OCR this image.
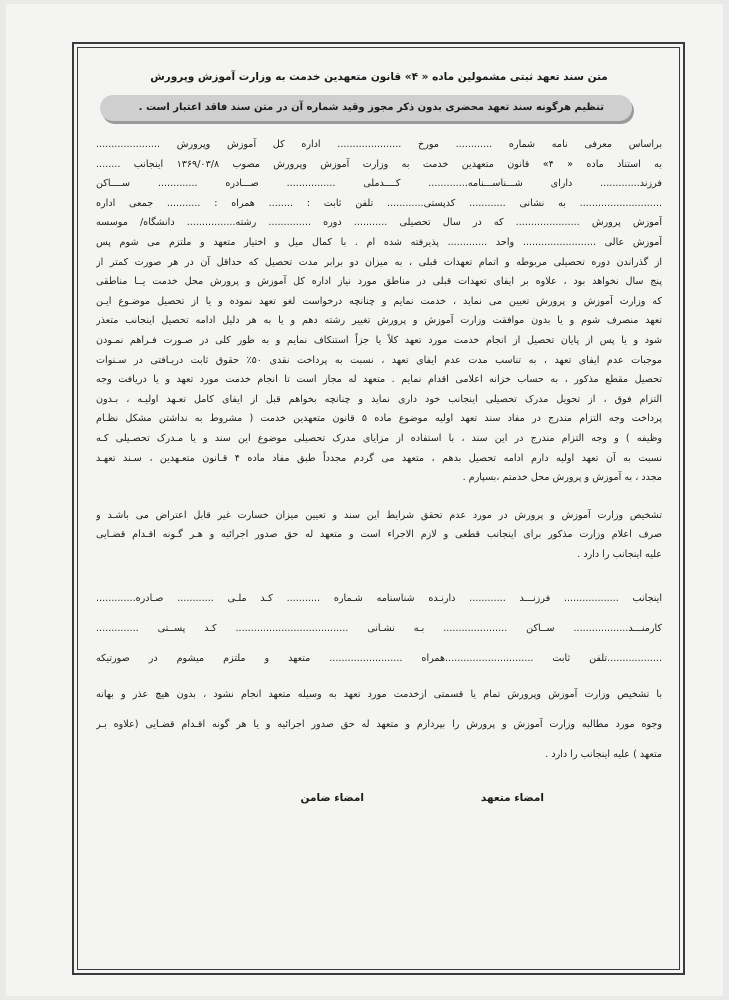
متن سند تعهد ثبتی مشمولین ماده « ۴» قانون متعهدین خدمت به وزارت آموزش وپرورش
تنظیم هرگونه سند تعهد محضری بدون ذکر مجوز وقید شماره آن در متن سند فاقد اعتبار است .
براساس معرفی نامه شماره ............ مورخ ..................... اداره کل آموزش وپرورش .....................
به استناد ماده « ۴» قانون متعهدین خدمت به وزارت آموزش وپرورش مصوب ۱۳۶۹/۰۳/۸ اینجانب ........
فرزند............. دارای شـــناســـنامه............. کــــدملی ................ صـــادره ............. ســــاکن
........................... به نشانی ............ کدپستی............ تلفن ثابت : ........ همراه : ........... جمعی اداره
آموزش پرورش ..................... که در سال تحصیلی ........... دوره .............. رشته................ دانشگاه/ موسسه
آموزش عالی ........................ واحد ............. پذیرفته شده ام . با کمال میل و اختیار متعهد و ملتزم می شوم پس
از گذراندن دوره تحصیلی مربوطه و اتمام تعهدات قبلی ، به میزان دو برابر مدت تحصیل که حداقل آن در هر صورت کمتر از
پنج سال نخواهد بود ، علاوه بر ایفای تعهدات قبلی در مناطق مورد نیاز اداره کل آموزش و پرورش محل خدمت یــا مناطقی
که وزارت آموزش و پرورش تعیین می نماید ، خدمت نمایم و چنانچه درخواست لغو تعهد نموده و یا از تحصیل موضـوع ایـن
تعهد منصرف شوم و یا بدون موافقت وزارت آموزش و پرورش تغییر رشته دهم و یا به هر دلیل ادامه تحصیل اینجانب متعذر
شود و یا پس از پایان تحصیل از انجام خدمت مورد تعهد کلاً یا جزاً استنکاف نمایم و به طور کلی در صـورت فـراهم نمـودن
موجبات عدم ایفای تعهد ، به تناسب مدت عدم ایفای تعهد ، نسبت به پرداخت نقدی ۵۰٪ حقوق ثابت دریـافتی در سـنوات
تحصیل مقطع مذکور ، به حساب خزانه اعلامی اقدام نمایم . متعهد له مجاز است تا انجام خدمت مورد تعهد و یا دریافت وجه
التزام فوق ، از تحویل مدرک تحصیلی اینجانب خود داری نماید و چنانچه بخواهم قبل از ایفای کامل تعـهد اولیـه ، بـدون
پرداخت وجه التزام مندرج در مفاد سند تعهد اولیه موضوع ماده ۵ قانون متعهدین خدمت ( مشروط به نداشتن مشکل نظـام
وظیفه ) و وجه التزام مندرج در این سند ، با استفاده از مزایای مدرک تحصیلی موضوع این سند و یا مـدرک تحصـیلی کـه
نسبت به آن تعهد اولیه دارم ادامه تحصیل بدهم ، متعهد می گردم مجدداً طبق مفاد ماده ۴ قـانون متعـهدین ، سـند تعهـد
مجدد ، به آموزش و پرورش محل خدمتم ،بسپارم .
تشخیص وزارت آموزش و پرورش در مورد عدم تحقق شرایط این سند و تعیین میزان خسارت غیر قابل اعتراض می باشـد و
صرف اعلام وزارت مذکور برای اینجانب قطعی و لازم الاجراء است و متعهد له حق صدور اجرائیه و هـر گـونه اقـدام قضـایی
علیه اینجانب را دارد .
اینجانب .................. فرزنـــد ............ دارنـده شناسنامه شـماره ........... کـد ملـی ............ صـادره.............
کارمنـــد.................. ســاکن ..................... بـه نشـانی ..................................... کـد پســتی ..............
..................تلفن ثابت .............................همراه ........................ متعهد و ملتزم میشوم در صورتیکه
با تشخیص وزارت آموزش وپرورش تمام یا قسمتی ازخدمت مورد تعهد به وسیله متعهد انجام نشود ، بدون هیچ عذر و بهانه
وجوه مورد مطالبه وزارت آموزش و پرورش را بپردازم و متعهد له حق صدور اجرائیه و یا هر گونه اقـدام قضـایی (علاوه بـر
متعهد ) علیه اینجانب را دارد .
امضاء متعهد
امضاء ضامن
